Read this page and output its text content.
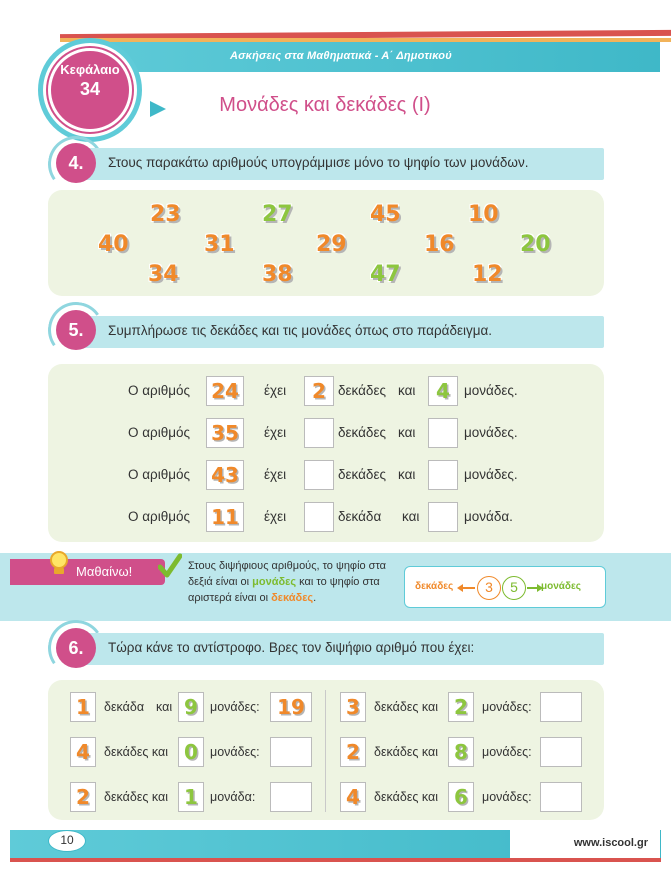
Ασκήσεις στα Μαθηματικά - Α΄ Δημοτικού
Κεφάλαιο
34
Μονάδες και δεκάδες (Ι)
Στους παρακάτω αριθμούς υπογράμμισε μόνο το ψηφίο των μονάδων.
4.
23	27	45	10
40	31	29	16	20
34	38	47	12
Συμπλήρωσε τις δεκάδες και τις μονάδες όπως στο παράδειγμα.
5.
Ο αριθμός 24	έχει	2 δεκάδες και	4	μονάδες.
Ο αριθμός 35	έχει	δεκάδες και	μονάδες.
Ο αριθμός 43	έχει	δεκάδες και	μονάδες.
Ο αριθμός 11	έχει	δεκάδα και	μονάδα.
Μαθαίνω!	Στους διψήφιους αριθμούς, το ψηφίο στα δεξιά είναι οι μονάδες και το ψηφίο στα αριστερά είναι οι δεκάδες.
δεκάδες	3	5	μονάδες
Τώρα κάνε το αντίστροφο. Βρες τον διψήφιο αριθμό που έχει:
6.
1	δεκάδα και 9 μονάδες: 19
4	δεκάδες και 0 μονάδες:
2	δεκάδες και 1 μονάδα:
3	δεκάδες και 2	μονάδες:
2	δεκάδες και 8	μονάδες:
4	δεκάδες και 6	μονάδες:
10	www.iscool.gr
